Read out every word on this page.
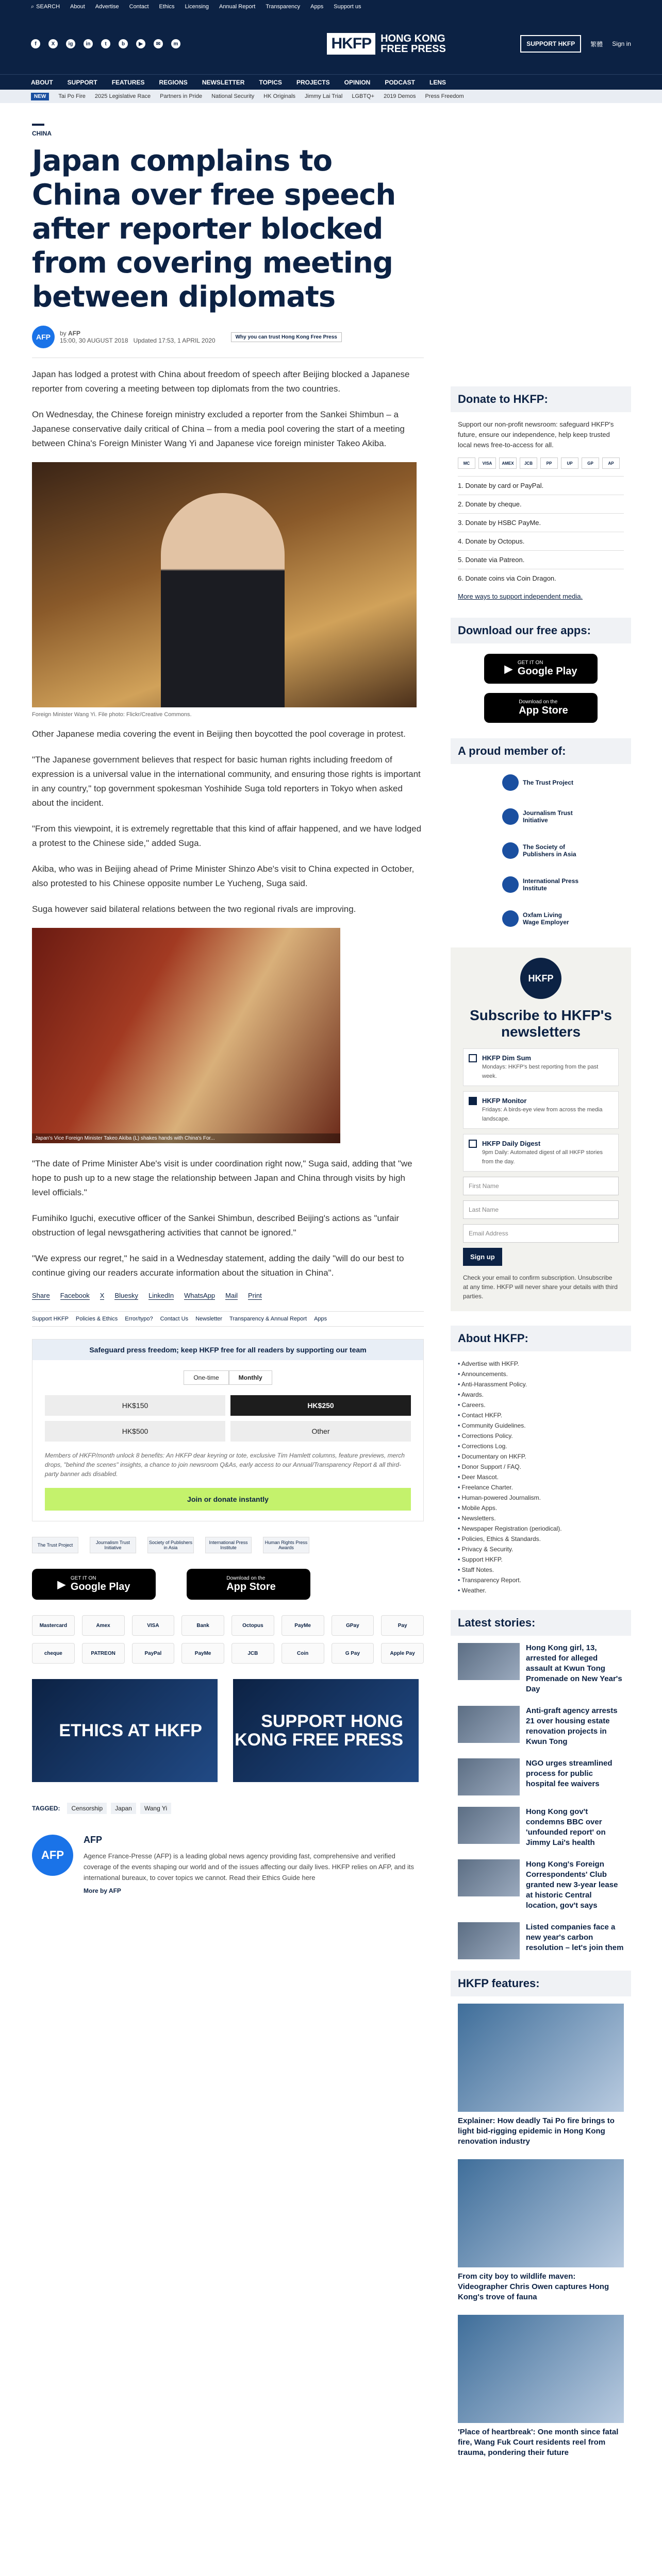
⌕ SEARCH About Advertise Contact Ethics Licensing Annual Report Transparency Apps Support us
f	X	ig	in	t	b	▶	✉	m	HKFP HONG KONG
FREE PRESS	SUPPORT HKFP	繁體 Sign in
ABOUT SUPPORT FEATURES REGIONS NEWSLETTER TOPICS PROJECTS OPINION PODCAST LENS
NEW	Tai Po Fire 2025 Legislative Race Partners in Pride National Security HK Originals Jimmy Lai Trial LGBTQ+ 2019 Demos Press Freedom
CHINA
Japan complains to China over free speech after reporter blocked from covering meeting between diplomats
AFP	by AFP
15:00, 30 AUGUST 2018 Updated 17:53, 1 APRIL 2020	Why you can trust Hong Kong Free Press

Japan has lodged a protest with China about freedom of speech after Beijing blocked a Japanese reporter from covering a meeting between top diplomats from the two countries.

On Wednesday, the Chinese foreign ministry excluded a reporter from the Sankei Shimbun – a Japanese conservative daily critical of China – from a media pool covering the start of a meeting between China's Foreign Minister Wang Yi and Japanese vice foreign minister Takeo Akiba.

Foreign Minister Wang Yi. File photo: Flickr/Creative Commons.

Other Japanese media covering the event in Beijing then boycotted the pool coverage in protest.

"The Japanese government believes that respect for basic human rights including freedom of expression is a universal value in the international community, and ensuring those rights is important in any country," top government spokesman Yoshihide Suga told reporters in Tokyo when asked about the incident.

"From this viewpoint, it is extremely regrettable that this kind of affair happened, and we have lodged a protest to the Chinese side," added Suga.

Akiba, who was in Beijing ahead of Prime Minister Shinzo Abe's visit to China expected in October, also protested to his Chinese opposite number Le Yucheng, Suga said.

Suga however said bilateral relations between the two regional rivals are improving.

Japan's Vice Foreign Minister Takeo Akiba (L) shakes hands with China's For...

"The date of Prime Minister Abe's visit is under coordination right now," Suga said, adding that "we hope to push up to a new stage the relationship between Japan and China through visits by high level officials."

Fumihiko Iguchi, executive officer of the Sankei Shimbun, described Beijing's actions as "unfair obstruction of legal newsgathering activities that cannot be ignored."

"We express our regret," he said in a Wednesday statement, adding the daily "will do our best to continue giving our readers accurate information about the situation in China".

Share Facebook X Bluesky LinkedIn WhatsApp Mail Print
Support HKFP Policies & Ethics Error/typo? Contact Us Newsletter Transparency & Annual Report Apps
Safeguard press freedom; keep HKFP free for all readers by supporting our team
One-time	Monthly
HK$150	HK$250
HK$500	Other
Members of HKFP/month unlock 8 benefits: An HKFP dear keyring or tote, exclusive Tim Hamlett columns, feature previews, merch drops, "behind the scenes" insights, a chance to join newsroom Q&As, early access to our Annual/Transparency Report & all third-party banner ads disabled.
Join or donate instantly
The Trust Project	Journalism Trust Initiative
Society of Publishers in Asia
International Press Institute
Human Rights Press Awards
▶
GET IT ON
Google Play
Download on the
App Store
Mastercard	Amex	VISA	Bank	Octopus	PayMe	GPay	Pay
cheque	PATREON	PayPal	PayMe	JCB	Coin	G Pay	Apple Pay
ETHICS AT HKFP	SUPPORT HONG KONG FREE PRESS
TAGGED:	Censorship	Japan	Wang Yi
AFP
AFP

Agence France-Presse (AFP) is a leading global news agency providing fast, comprehensive and verified coverage of the events shaping our world and of the issues affecting our daily lives. HKFP relies on AFP, and its international bureaux, to cover topics we cannot. Read their Ethics Guide here

More by AFP
Donate to HKFP:
Support our non-profit newsroom: safeguard HKFP's future, ensure our independence, help keep trusted local news free-to-access for all.
MC	VISA	AMEX	JCB	PP	UP	GP	AP
1. Donate by card or PayPal.
2. Donate by cheque.
3. Donate by HSBC PayMe.
4. Donate by Octopus.
5. Donate via Patreon.
6. Donate coins via Coin Dragon.
More ways to support independent media.
Download our free apps:
▶
GET IT ON
Google Play
Download on the
App Store
A proud member of:
The Trust Project
Journalism Trust Initiative
The Society of Publishers in Asia
International Press Institute
Oxfam Living Wage Employer
HKFP
Subscribe to HKFP's newsletters
HKFP Dim Sum
Mondays: HKFP's best reporting from the past week.
HKFP Monitor
Fridays: A birds-eye view from across the media landscape.
HKFP Daily Digest
9pm Daily: Automated digest of all HKFP stories from the day.
First Name
Last Name
Email Address
Sign up
Check your email to confirm subscription. Unsubscribe at any time. HKFP will never share your details with third parties.
About HKFP:
• Advertise with HKFP.
• Announcements.
• Anti-Harassment Policy.
• Awards.
• Careers.
• Contact HKFP.
• Community Guidelines.
• Corrections Policy.
• Corrections Log.
• Documentary on HKFP.
• Donor Support / FAQ.
• Deer Mascot.
• Freelance Charter.
• Human-powered Journalism.
• Mobile Apps.
• Newsletters.
• Newspaper Registration (periodical).
• Policies, Ethics & Standards.
• Privacy & Security.
• Support HKFP.
• Staff Notes.
• Transparency Report.
• Weather.
Latest stories:
Hong Kong girl, 13, arrested for alleged assault at Kwun Tong Promenade on New Year's Day
Anti-graft agency arrests 21 over housing estate renovation projects in Kwun Tong
NGO urges streamlined process for public hospital fee waivers
Hong Kong gov't condemns BBC over 'unfounded report' on Jimmy Lai's health
Hong Kong's Foreign Correspondents' Club granted new 3-year lease at historic Central location, gov't says
Listed companies face a new year's carbon resolution – let's join them
HKFP features:
Explainer: How deadly Tai Po fire brings to light bid-rigging epidemic in Hong Kong renovation industry
From city boy to wildlife maven: Videographer Chris Owen captures Hong Kong's trove of fauna
'Place of heartbreak': One month since fatal fire, Wang Fuk Court residents reel from trauma, pondering their future
